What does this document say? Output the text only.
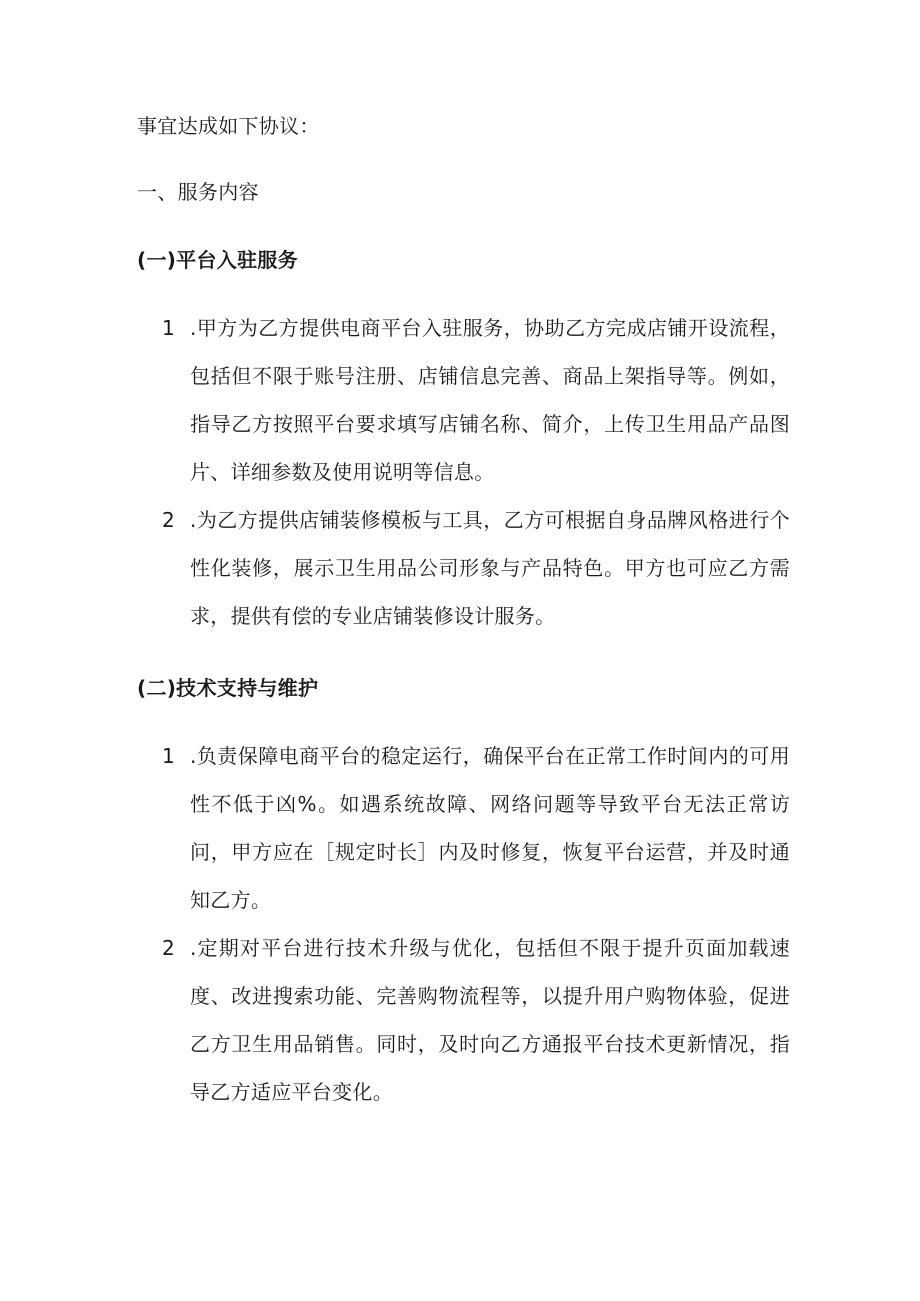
事宜达成如下协议：
一、服务内容
(一)平台入驻服务
1 .甲方为乙方提供电商平台入驻服务，协助乙方完成店铺开设流程，包括但不限于账号注册、店铺信息完善、商品上架指导等。例如，指导乙方按照平台要求填写店铺名称、简介，上传卫生用品产品图片、详细参数及使用说明等信息。
2 .为乙方提供店铺装修模板与工具，乙方可根据自身品牌风格进行个性化装修，展示卫生用品公司形象与产品特色。甲方也可应乙方需求，提供有偿的专业店铺装修设计服务。
(二)技术支持与维护
1 .负责保障电商平台的稳定运行，确保平台在正常工作时间内的可用性不低于凶%。如遇系统故障、网络问题等导致平台无法正常访问，甲方应在［规定时长］内及时修复，恢复平台运营，并及时通知乙方。
2 .定期对平台进行技术升级与优化，包括但不限于提升页面加载速度、改进搜索功能、完善购物流程等，以提升用户购物体验，促进乙方卫生用品销售。同时，及时向乙方通报平台技术更新情况，指导乙方适应平台变化。
